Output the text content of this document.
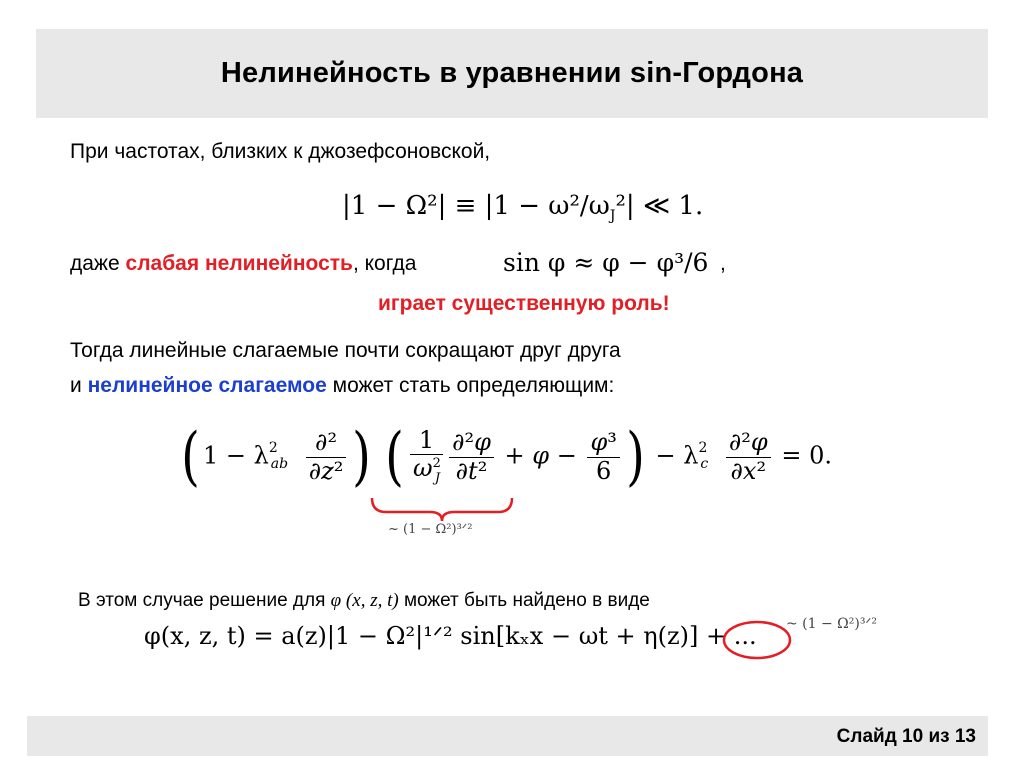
Нелинейность в уравнении sin-Гордона
При частотах, близких к джозефсоновской,
$|1 - \Omega^2| \equiv |1 - \omega^2/\omega_J^2|$ ≪ 1.
даже слабая нелинейность, когда	sin φ ≈ φ − φ³/6 ,
играет существенную роль!
Тогда линейные слагаемые почти сокращают друг друга
и нелинейное слагаемое может стать определяющим:
( $1 - \lambda^2ab \frac{\text{∂²}}{\text{∂z²}}$ ) ( $\frac{1}{\omega^2_J} \frac{\text{∂²φ}}{\text{∂t²}} + \varphi - \frac{\text{φ³}}{6}$ ) − $\lambda^2c \frac{\text{∂²φ}}{\text{∂x²}} = 0$.
~ (1 − Ω²)³ᐟ²
В этом случае решение для φ (x, z, t) может быть найдено в виде
φ(x, z, t) = a(z)|1 − Ω²|¹ᐟ² sin[kₓx − ωt + η(z)] + ... ~ (1 − Ω²)³ᐟ²
Слайд 10 из 13
